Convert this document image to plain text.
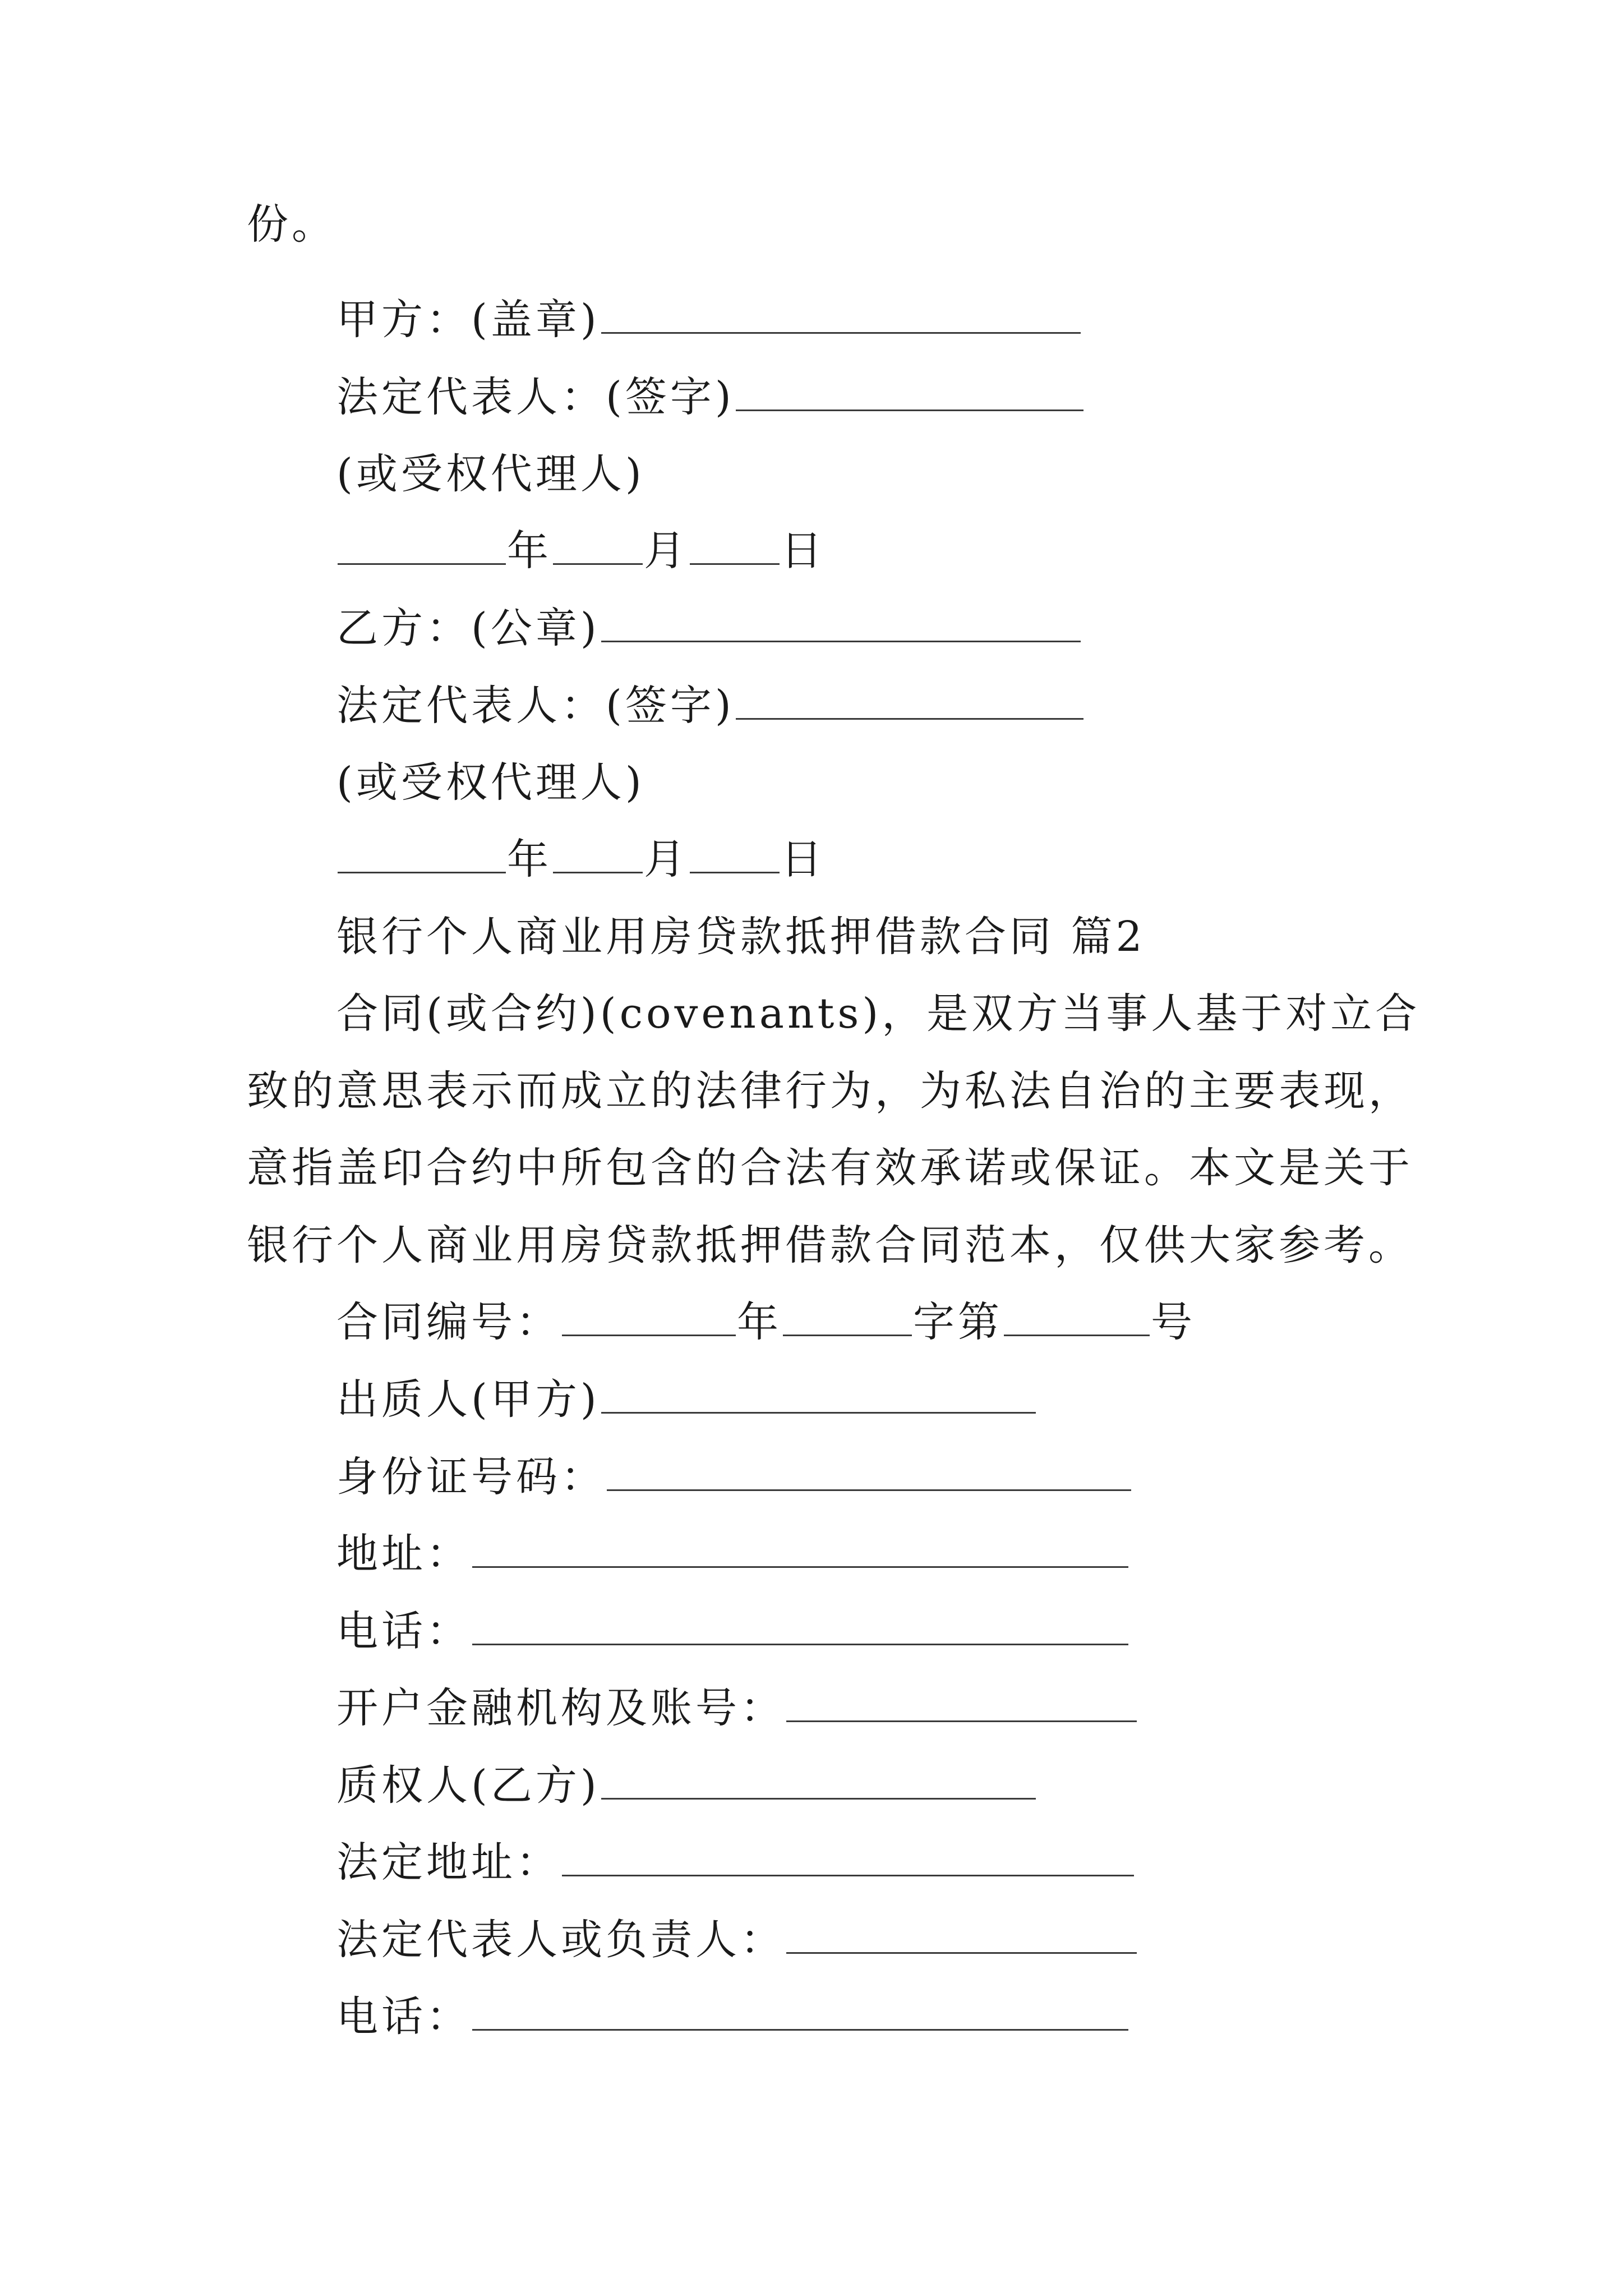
份。
甲方：(盖章)
法定代表人：(签字)
(或受权代理人)
年 月 日
乙方：(公章)
法定代表人：(签字)
(或受权代理人)
年 月 日
银行个人商业用房贷款抵押借款合同 篇2
合同(或合约)(covenants)，是双方当事人基于对立合
致的意思表示而成立的法律行为，为私法自治的主要表现，
意指盖印合约中所包含的合法有效承诺或保证。本文是关于
银行个人商业用房贷款抵押借款合同范本，仅供大家参考。
合同编号：	年	字第	号
出质人(甲方)
身份证号码：
地址：
电话：
开户金融机构及账号：
质权人(乙方)
法定地址：
法定代表人或负责人：
电话：
